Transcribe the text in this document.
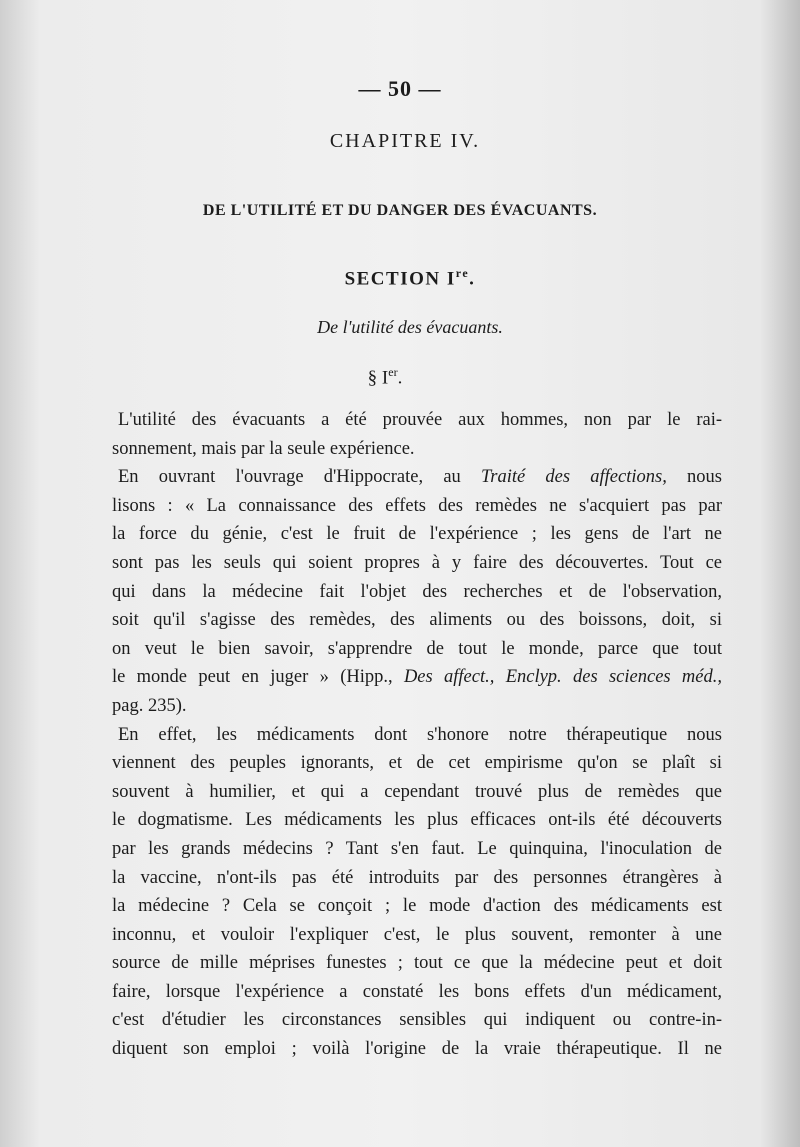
— 50 —
CHAPITRE IV.
DE L'UTILITÉ ET DU DANGER DES ÉVACUANTS.
SECTION Ire.
De l'utilité des évacuants.
§ Ier.
L'utilité des évacuants a été prouvée aux hommes, non par le rai-
sonnement, mais par la seule expérience.
En ouvrant l'ouvrage d'Hippocrate, au Traité des affections, nous
lisons : « La connaissance des effets des remèdes ne s'acquiert pas par
la force du génie, c'est le fruit de l'expérience ; les gens de l'art ne
sont pas les seuls qui soient propres à y faire des découvertes. Tout ce
qui dans la médecine fait l'objet des recherches et de l'observation,
soit qu'il s'agisse des remèdes, des aliments ou des boissons, doit, si
on veut le bien savoir, s'apprendre de tout le monde, parce que tout
le monde peut en juger » (Hipp., Des affect., Enclyp. des sciences méd.,
pag. 235).
En effet, les médicaments dont s'honore notre thérapeutique nous
viennent des peuples ignorants, et de cet empirisme qu'on se plaît si
souvent à humilier, et qui a cependant trouvé plus de remèdes que
le dogmatisme. Les médicaments les plus efficaces ont-ils été découverts
par les grands médecins ? Tant s'en faut. Le quinquina, l'inoculation de
la vaccine, n'ont-ils pas été introduits par des personnes étrangères à
la médecine ? Cela se conçoit ; le mode d'action des médicaments est
inconnu, et vouloir l'expliquer c'est, le plus souvent, remonter à une
source de mille méprises funestes ; tout ce que la médecine peut et doit
faire, lorsque l'expérience a constaté les bons effets d'un médicament,
c'est d'étudier les circonstances sensibles qui indiquent ou contre-in-
diquent son emploi ; voilà l'origine de la vraie thérapeutique. Il ne
